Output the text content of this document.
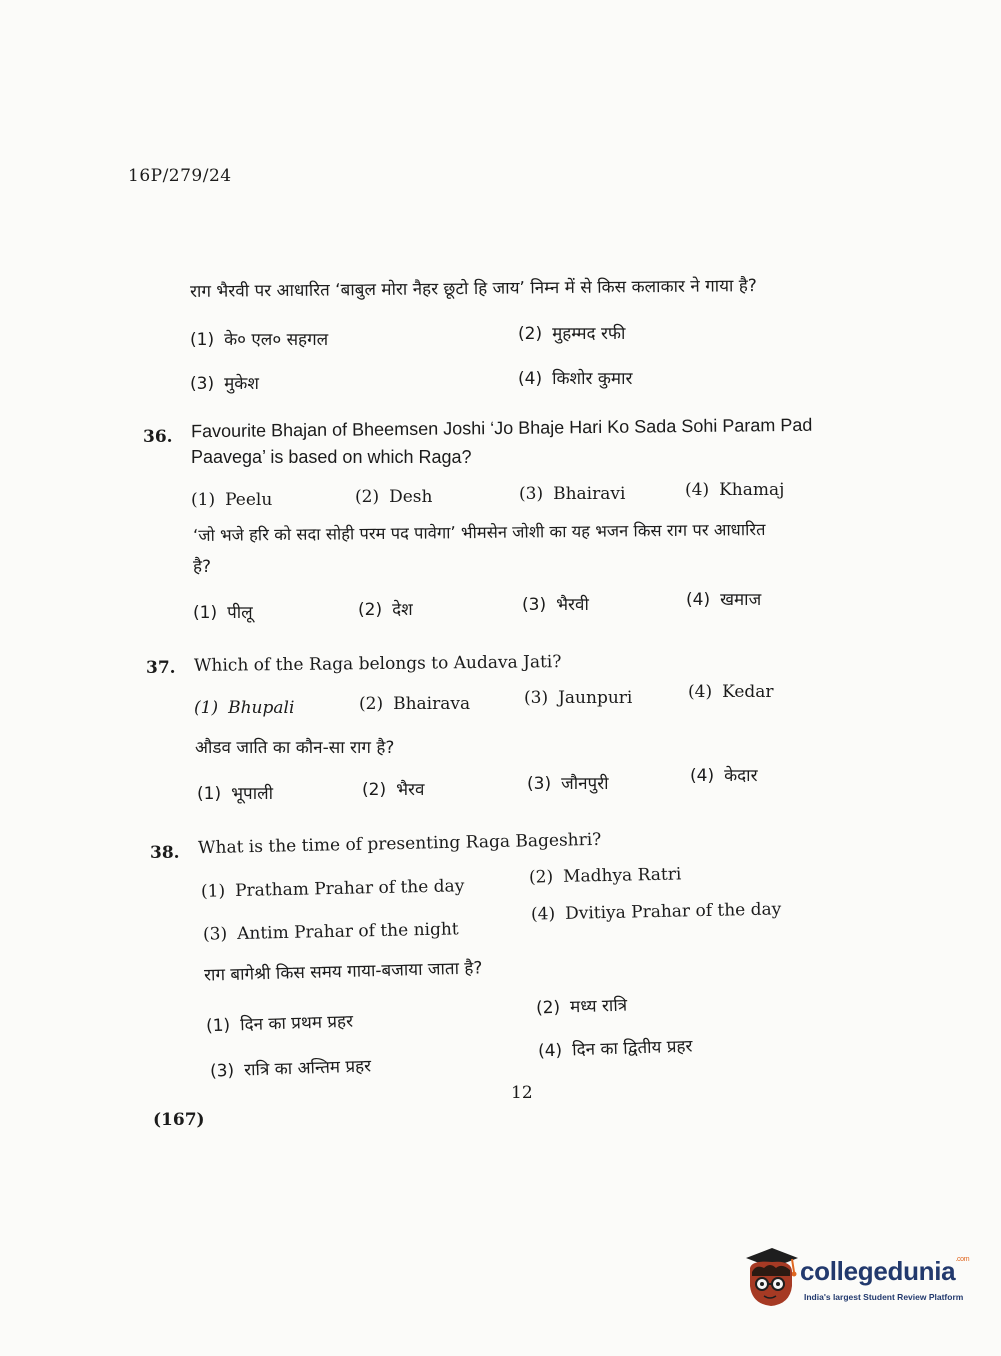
16P/279/24
राग भैरवी पर आधारित ‘बाबुल मोरा नैहर छूटो हि जाय’ निम्न में से किस कलाकार ने गाया है?
(1) के० एल० सहगल	(2) मुहम्मद रफी
(3) मुकेश	(4) किशोर कुमार
36. Favourite Bhajan of Bheemsen Joshi ‘Jo Bhaje Hari Ko Sada Sohi Param Pad
Paavega’ is based on which Raga?
(1) Peelu	(2) Desh	(3) Bhairavi	(4) Khamaj
‘जो भजे हरि को सदा सोही परम पद पावेगा’ भीमसेन जोशी का यह भजन किस राग पर आधारित
है?
(1) पीलू	(2) देश	(3) भैरवी	(4) खमाज
37. Which of the Raga belongs to Audava Jati?
(1) Bhupali	(2) Bhairava	(3) Jaunpuri	(4) Kedar
औडव जाति का कौन-सा राग है?
(1) भूपाली	(2) भैरव	(3) जौनपुरी	(4) केदार
38. What is the time of presenting Raga Bageshri?
(1) Pratham Prahar of the day	(2) Madhya Ratri
(3) Antim Prahar of the night
(4) Dvitiya Prahar of the day
राग बागेश्री किस समय गाया-बजाया जाता है?
(1) दिन का प्रथम प्रहर
(2) मध्य रात्रि
(3) रात्रि का अन्तिम प्रहर
(4) दिन का द्वितीय प्रहर
12
(167)
collegedunia$^{.com}$
India's largest Student Review Platform
